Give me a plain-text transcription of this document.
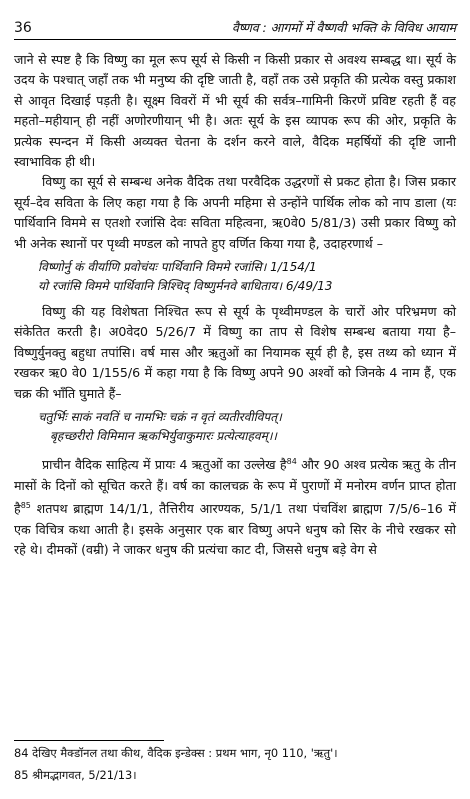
36	वैष्णव : आगमों में वैष्णवी भक्ति के विविध आयाम

जाने से स्पष्ट है कि विष्णु का मूल रूप सूर्य से किसी न किसी प्रकार से अवश्य सम्बद्ध था। सूर्य के उदय के पश्चात् जहाँ तक भी मनुष्य की दृष्टि जाती है, वहाँ तक उसे प्रकृति की प्रत्येक वस्तु प्रकाश से आवृत दिखाई पड़ती है। सूक्ष्म विवरों में भी सूर्य की सर्वत्र–गामिनी किरणें प्रविष्ट रहती हैं वह महतो–महीयान् ही नहीं अणोरणीयान् भी है। अतः सूर्य के इस व्यापक रूप की ओर, प्रकृति के प्रत्येक स्पन्दन में किसी अव्यक्त चेतना के दर्शन करने वाले, वैदिक महर्षियों की दृष्टि जानी स्वाभाविक ही थी।

विष्णु का सूर्य से सम्बन्ध अनेक वैदिक तथा परवैदिक उद्धरणों से प्रकट होता है। जिस प्रकार सूर्य–देव सविता के लिए कहा गया है कि अपनी महिमा से उन्होंने पार्थिक लोक को नाप डाला (यः पार्थिवानि विममे स एतशो रजांसि देवः सविता महित्वना, ऋ0वे0 5/81/3) उसी प्रकार विष्णु को भी अनेक स्थानों पर पृथ्वी मण्डल को नापते हुए वर्णित किया गया है, उदाहरणार्थ –

विष्णोर्नु कं वीर्याणि प्रवोचंयः पार्थिवानि विममे रजांसि। 1/154/1
यो रजांसि विममे पार्थिवानि त्रिश्चिद् विष्णुर्मनवे बाधिताय। 6/49/13

विष्णु की यह विशेषता निश्चित रूप से सूर्य के पृथ्वीमण्डल के चारों ओर परिभ्रमण को संकेतित करती है। अ0वेद0 5/26/7 में विष्णु का ताप से विशेष सम्बन्ध बताया गया है– विष्णुर्युनक्तु बहुधा तपांसि। वर्ष मास और ऋतुओं का नियामक सूर्य ही है, इस तथ्य को ध्यान में रखकर ऋ0 वे0 1/155/6 में कहा गया है कि विष्णु अपने 90 अश्वों को जिनके 4 नाम हैं, एक चक्र की भाँति घुमाते हैं–

चतुर्भिः साकं नवतिं च नामभिः चक्रं न वृतं व्यतीरवीविपत्।
बृहच्छरीरो विमिमान ऋकभिर्युवाकुमारः प्रत्येत्याहवम्।।

प्राचीन वैदिक साहित्य में प्रायः 4 ऋतुओं का उल्लेख है$^{84}$ और 90 अश्व प्रत्येक ऋतु के तीन मासों के दिनों को सूचित करते हैं। वर्ष का कालचक्र के रूप में पुराणों में मनोरम वर्णन प्राप्त होता है$^{85}$ शतपथ ब्राह्मण 14/1/1, तैत्तिरीय आरण्यक, 5/1/1 तथा पंचविंश ब्राह्मण 7/5/6–16 में एक विचित्र कथा आती है। इसके अनुसार एक बार विष्णु अपने धनुष को सिर के नीचे रखकर सो रहे थे। दीमकों (वम्री) ने जाकर धनुष की प्रत्यंचा काट दी, जिससे धनुष बड़े वेग से

84 देखिए मैक्डॉनल तथा कीथ, वैदिक इन्डेक्स : प्रथम भाग, नृ0 110, 'ऋतु'।
85 श्रीमद्भागवत, 5/21/13।
